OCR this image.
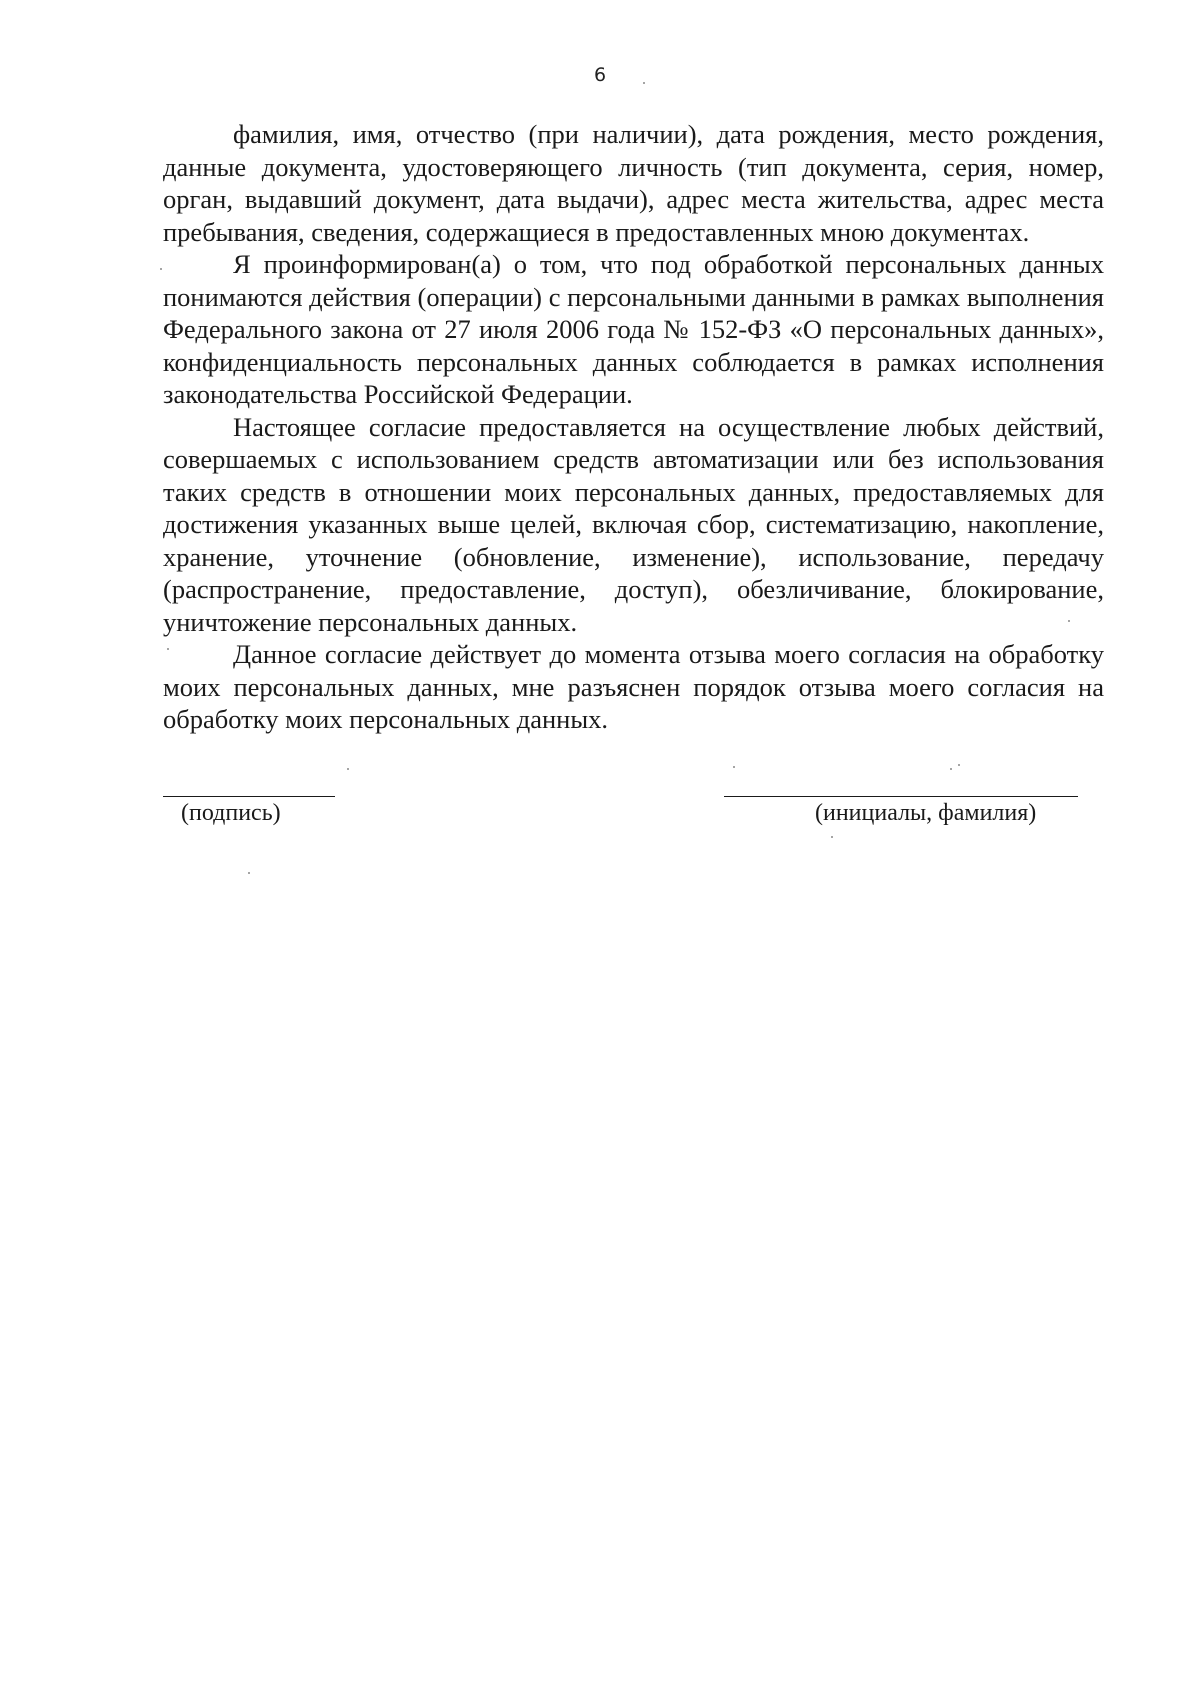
6

фамилия, имя, отчество (при наличии), дата рождения, место рождения, данные документа, удостоверяющего личность (тип документа, серия, номер, орган, выдавший документ, дата выдачи), адрес места жительства, адрес места пребывания, сведения, содержащиеся в предоставленных мною документах.

Я проинформирован(а) о том, что под обработкой персональных данных понимаются действия (операции) с персональными данными в рамках выполнения Федерального закона от 27 июля 2006 года № 152-ФЗ «О персональных данных», конфиденциальность персональных данных соблюдается в рамках исполнения законодательства Российской Федерации.

Настоящее согласие предоставляется на осуществление любых действий, совершаемых с использованием средств автоматизации или без использования таких средств в отношении моих персональных данных, предоставляемых для достижения указанных выше целей, включая сбор, систематизацию, накопление, хранение, уточнение (обновление, изменение), использование, передачу (распространение, предоставление, доступ), обезличивание, блокирование, уничтожение персональных данных.

Данное согласие действует до момента отзыва моего согласия на обработку моих персональных данных, мне разъяснен порядок отзыва моего согласия на обработку моих персональных данных.

(подпись)	(инициалы, фамилия)
